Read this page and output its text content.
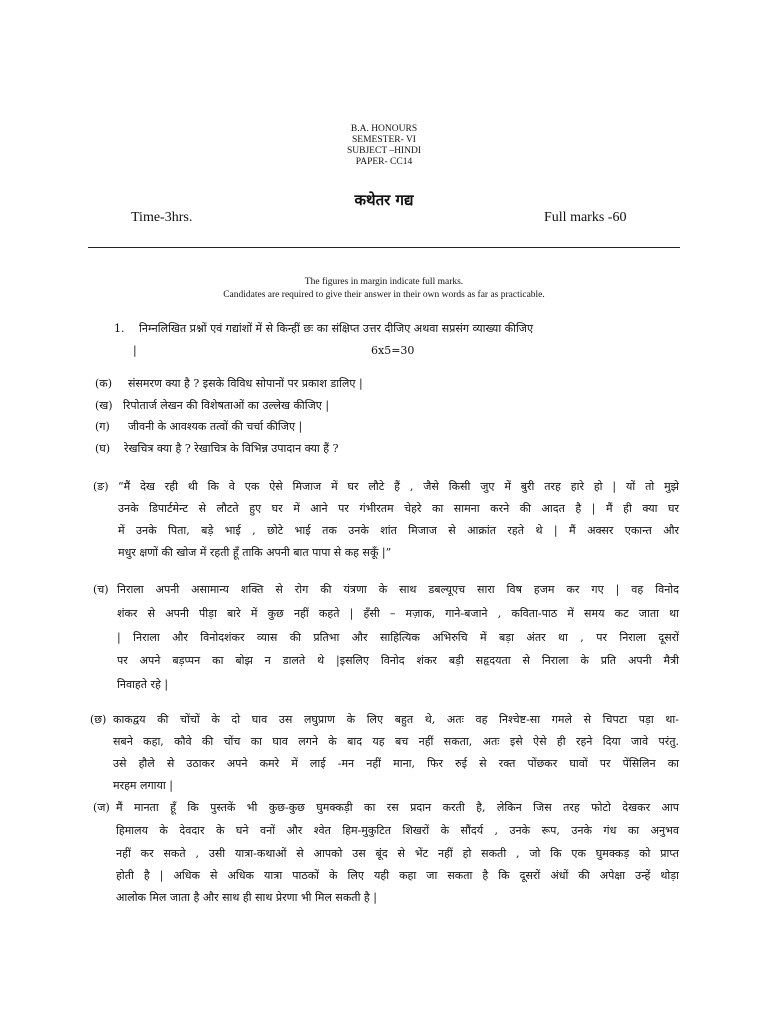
B.A. HONOURS
SEMESTER- VI
SUBJECT –HINDI
PAPER- CC14
कथेतर गद्य
Time-3hrs.	Full marks -60
The figures in margin indicate full marks.
Candidates are required to give their answer in their own words as far as practicable.
1. निम्नलिखित प्रश्नों एवं गद्यांशों में से किन्हीं छः का संक्षिप्त उत्तर दीजिए अथवा सप्रसंग व्याख्या कीजिए
|	6x5=30
(क) संसमरण क्या है ? इसके विविध सोपानों पर प्रकाश डालिए |
(ख) रिपोतार्ज लेखन की विशेषताओं का उल्लेख कीजिए |
(ग) जीवनी के आवश्यक तत्वों की चर्चा कीजिए |
(घ) रेखचित्र क्या है ? रेखाचित्र के विभिन्न उपादान क्या हैं ?
(ङ) “मैं देख रही थी कि वे एक ऐसे मिजाज में घर लौटे हैं , जैसे किसी जुए में बुरी तरह हारे हो | यों तो मुझे
उनके डिपार्टमेन्ट से लौटते हुए घर में आने पर गंभीरतम चेहरे का सामना करने की आदत है | मैं ही क्या घर
में उनके पिता, बड़े भाई , छोटे भाई तक उनके शांत मिजाज से आक्रांत रहते थे | मैं अक्सर एकान्त और
मधुर क्षणों की खोज में रहती हूँ ताकि अपनी बात पापा से कह सकूँ |”
(च) निराला अपनी असामान्य शक्ति से रोग की यंत्रणा के साथ डबल्यूएच सारा विष हजम कर गए | वह विनोद
शंकर से अपनी पीड़ा बारे में कुछ नहीं कहते | हँसी – मज़ाक, गाने-बजाने , कविता-पाठ में समय कट जाता था
| निराला और विनोदशंकर व्यास की प्रतिभा और साहित्यिक अभिरुचि में बड़ा अंतर था , पर निराला दूसरों
पर अपने बड़प्पन का बोझ न डालते थे |इसलिए विनोद शंकर बड़ी सहृदयता से निराला के प्रति अपनी मैत्री
निवाहते रहे |
(छ) काकद्वय की चोंचों के दो घाव उस लघुप्राण के लिए बहुत थे, अतः वह निश्चेष्ट-सा गमले से चिपटा पड़ा था-
सबने कहा, कौवे की चोंच का घाव लगने के बाद यह बच नहीं सकता, अतः इसे ऐसे ही रहने दिया जावे परंतु.
उसे हौले से उठाकर अपने कमरे में लाई -मन नहीं माना, फिर रुई से रक्त पोंछकर घावों पर पेंसिलिन का
मरहम लगाया |
(ज) मैं मानता हूँ कि पुस्तकें भी कुछ-कुछ घुमक्कड़ी का रस प्रदान करती है, लेकिन जिस तरह फोटो देखकर आप
हिमालय के देवदार के घने वनों और श्वेत हिम-मुकुटित शिखरों के सौंदर्य , उनके रूप, उनके गंध का अनुभव
नहीं कर सकते , उसी यात्रा-कथाओं से आपको उस बूंद से भेंट नहीं हो सकती , जो कि एक घुमक्कड़ को प्राप्त
होती है | अधिक से अधिक यात्रा पाठकों के लिए यही कहा जा सकता है कि दूसरों अंधों की अपेक्षा उन्हें थोड़ा
आलोक मिल जाता है और साथ ही साथ प्रेरणा भी मिल सकती है |
